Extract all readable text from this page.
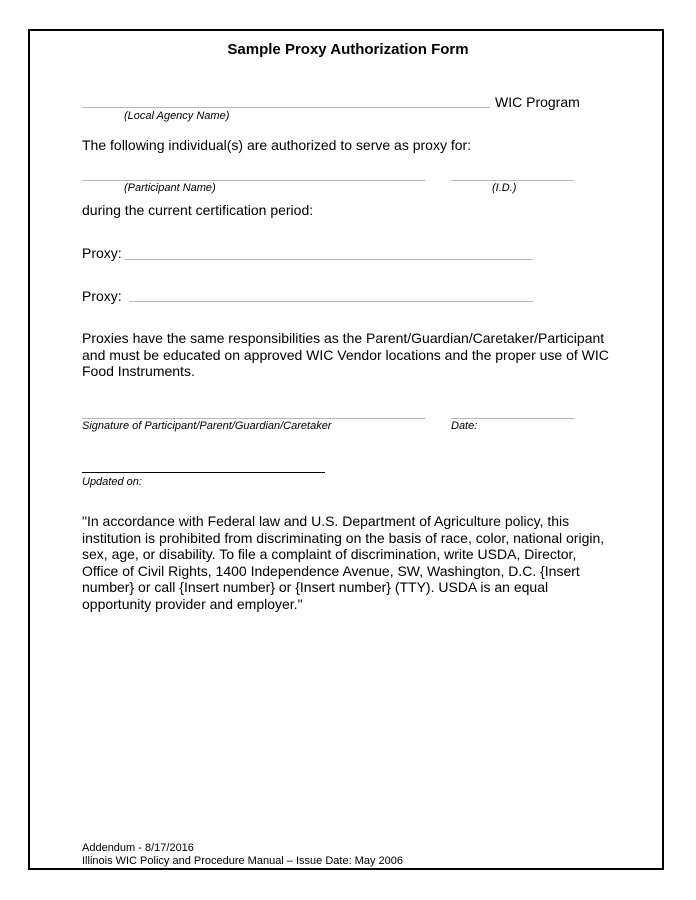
Sample Proxy Authorization Form
WIC Program
(Local Agency Name)
The following individual(s) are authorized to serve as proxy for:
(Participant Name)	(I.D.)
during the current certification period:
Proxy:
Proxy:
Proxies have the same responsibilities as the Parent/Guardian/Caretaker/Participant and must be educated on approved WIC Vendor locations and the proper use of WIC Food Instruments.
Signature of Participant/Parent/Guardian/Caretaker	Date:
Updated on:
"In accordance with Federal law and U.S. Department of Agriculture policy, this institution is prohibited from discriminating on the basis of race, color, national origin, sex, age, or disability. To file a complaint of discrimination, write USDA, Director, Office of Civil Rights, 1400 Independence Avenue, SW, Washington, D.C. {Insert number} or call {Insert number} or {Insert number} (TTY). USDA is an equal opportunity provider and employer."
Addendum - 8/17/2016
Illinois WIC Policy and Procedure Manual – Issue Date: May 2006
